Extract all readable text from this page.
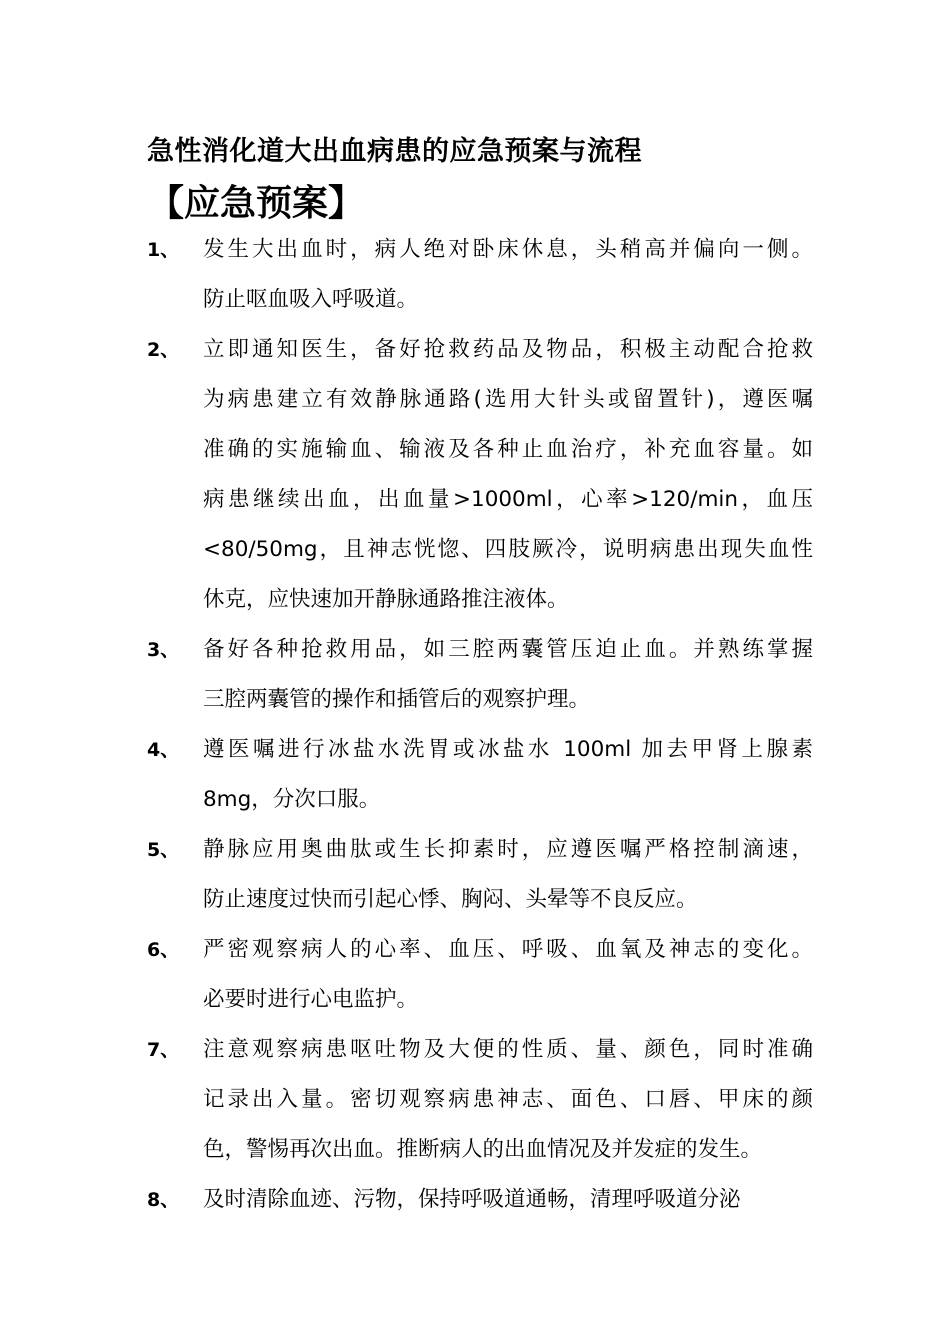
急性消化道大出血病患的应急预案与流程
【应急预案】
1、 发生大出血时，病人绝对卧床休息，头稍高并偏向一侧。
防止呕血吸入呼吸道。
2、 立即通知医生，备好抢救药品及物品，积极主动配合抢救
为病患建立有效静脉通路(选用大针头或留置针)，遵医嘱
准确的实施输血、输液及各种止血治疗，补充血容量。如
病患继续出血，出血量>1000ml，心率>120/min，血压
<80/50mg，且神志恍惚、四肢厥冷，说明病患出现失血性
休克，应快速加开静脉通路推注液体。
3、 备好各种抢救用品，如三腔两囊管压迫止血。并熟练掌握
三腔两囊管的操作和插管后的观察护理。
4、 遵医嘱进行冰盐水洗胃或冰盐水 100ml 加去甲肾上腺素
8mg，分次口服。
5、 静脉应用奥曲肽或生长抑素时，应遵医嘱严格控制滴速，
防止速度过快而引起心悸、胸闷、头晕等不良反应。
6、 严密观察病人的心率、血压、呼吸、血氧及神志的变化。
必要时进行心电监护。
7、 注意观察病患呕吐物及大便的性质、量、颜色，同时准确
记录出入量。密切观察病患神志、面色、口唇、甲床的颜
色，警惕再次出血。推断病人的出血情况及并发症的发生。
8、 及时清除血迹、污物，保持呼吸道通畅，清理呼吸道分泌
